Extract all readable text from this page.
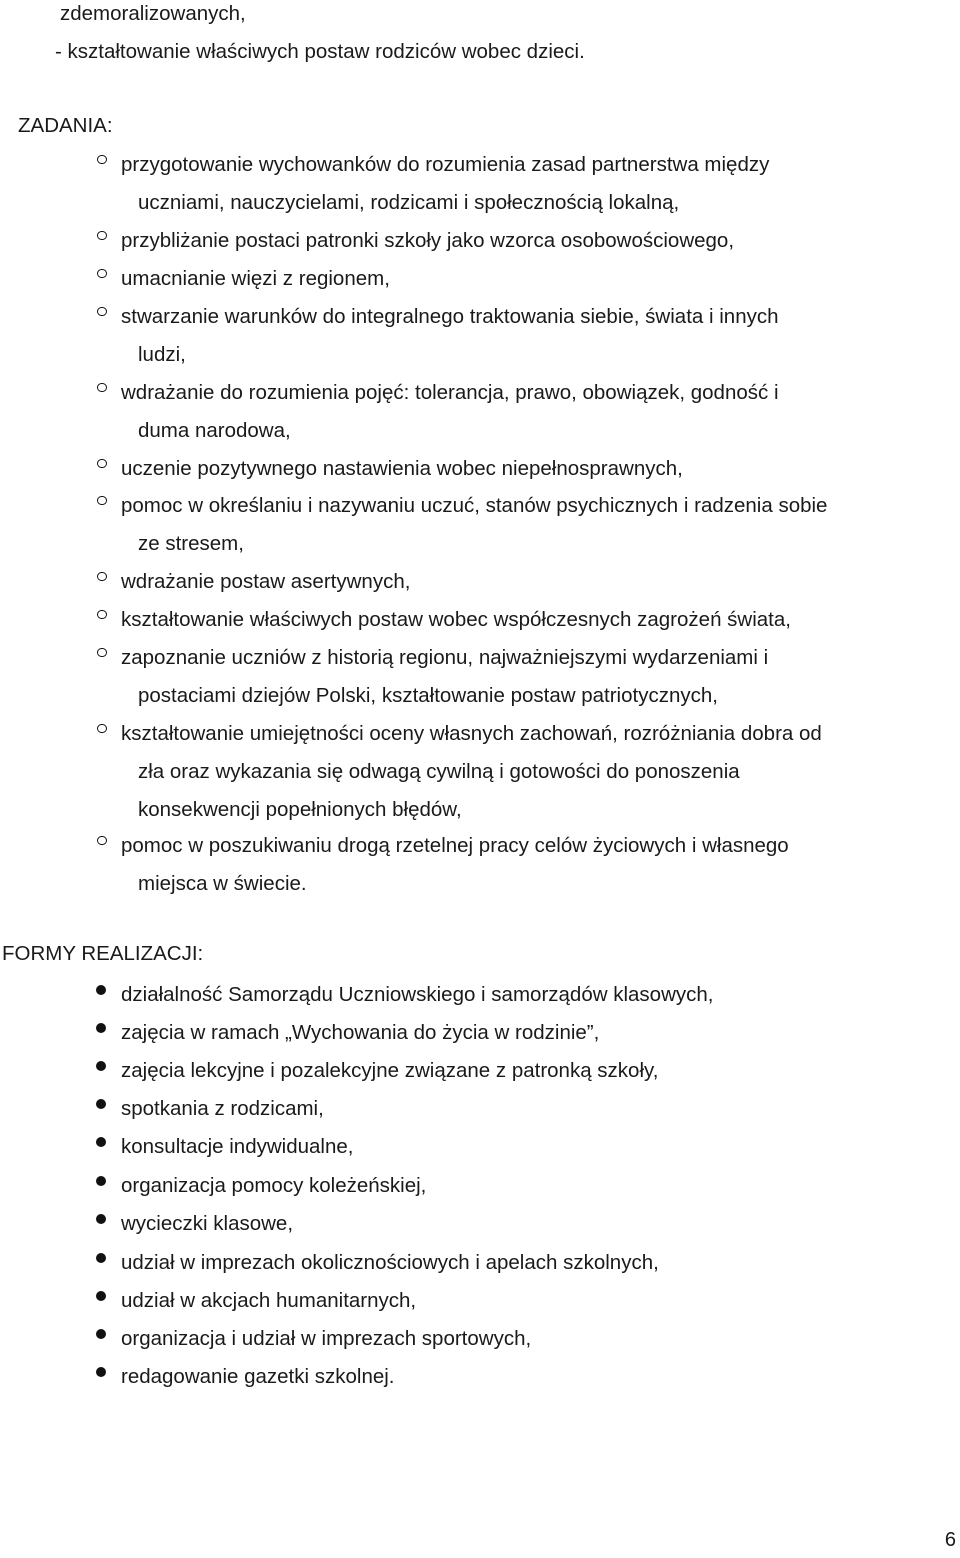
zdemoralizowanych,
- kształtowanie właściwych postaw rodziców wobec dzieci.
ZADANIA:
przygotowanie wychowanków do rozumienia zasad partnerstwa między
uczniami, nauczycielami, rodzicami i społecznością lokalną,
przybliżanie postaci patronki szkoły jako wzorca osobowościowego,
umacnianie więzi z regionem,
stwarzanie warunków do integralnego traktowania siebie, świata i innych
ludzi,
wdrażanie do rozumienia pojęć: tolerancja, prawo, obowiązek, godność i
duma narodowa,
uczenie pozytywnego nastawienia wobec niepełnosprawnych,
pomoc w określaniu i nazywaniu uczuć, stanów psychicznych i radzenia sobie
ze stresem,
wdrażanie postaw asertywnych,
kształtowanie właściwych postaw wobec współczesnych zagrożeń świata,
zapoznanie uczniów z historią regionu, najważniejszymi wydarzeniami i
postaciami dziejów Polski, kształtowanie postaw patriotycznych,
kształtowanie umiejętności oceny własnych zachowań, rozróżniania dobra od
zła oraz wykazania się odwagą cywilną i gotowości do ponoszenia
konsekwencji popełnionych błędów,
pomoc w poszukiwaniu drogą rzetelnej pracy celów życiowych i własnego
miejsca w świecie.
FORMY REALIZACJI:
działalność Samorządu Uczniowskiego i samorządów klasowych,
zajęcia w ramach „Wychowania do życia w rodzinie”,
zajęcia lekcyjne i pozalekcyjne związane z patronką szkoły,
spotkania z rodzicami,
konsultacje indywidualne,
organizacja pomocy koleżeńskiej,
wycieczki klasowe,
udział w imprezach okolicznościowych i apelach szkolnych,
udział w akcjach humanitarnych,
organizacja i udział w imprezach sportowych,
redagowanie gazetki szkolnej.
6
